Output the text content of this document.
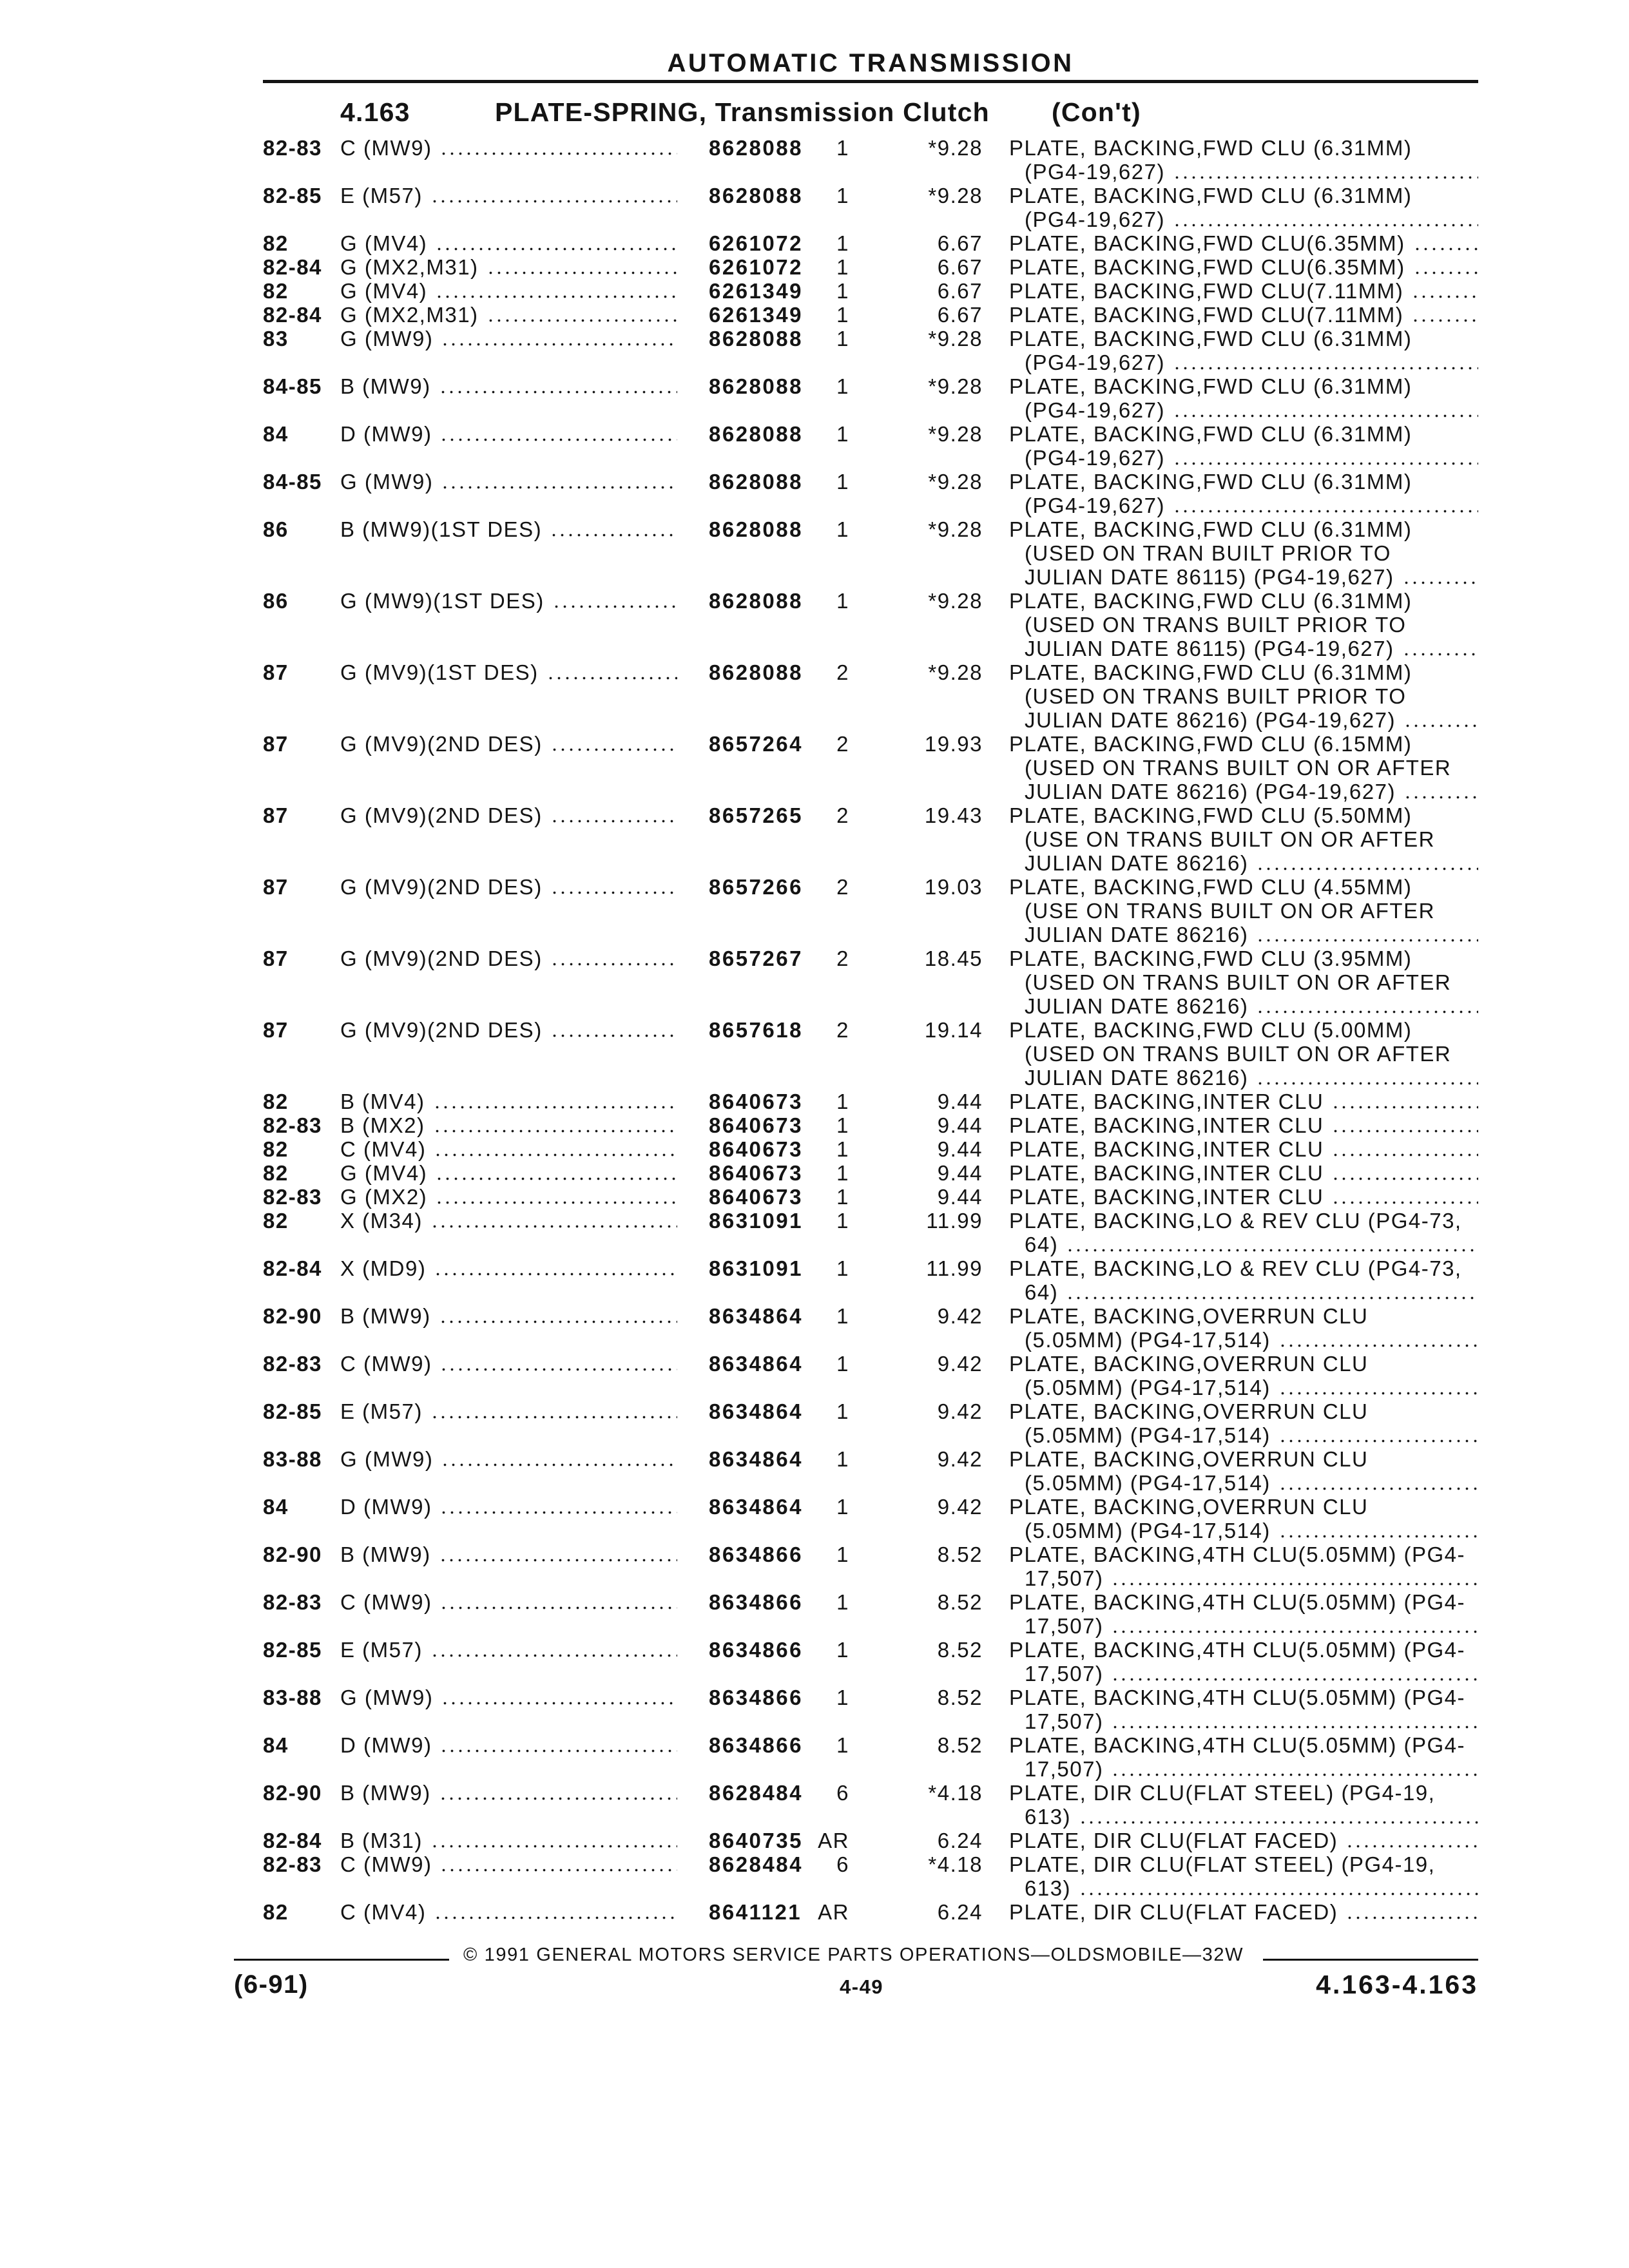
AUTOMATIC TRANSMISSION
4.163	PLATE-SPRING, Transmission Clutch (Con't)
82-83 C (MW9)	8628088	1	*9.28 PLATE, BACKING,FWD CLU (6.31MM)
(PG4-19,627)
82-85 E (M57)	8628088	1	*9.28 PLATE, BACKING,FWD CLU (6.31MM)
(PG4-19,627)
82	G (MV4)	6261072	1	6.67 PLATE, BACKING,FWD CLU(6.35MM)
82-84 G (MX2,M31)	6261072	1	6.67 PLATE, BACKING,FWD CLU(6.35MM)
82	G (MV4)	6261349	1	6.67 PLATE, BACKING,FWD CLU(7.11MM)
82-84 G (MX2,M31)	6261349	1	6.67 PLATE, BACKING,FWD CLU(7.11MM)
83	G (MW9)	8628088	1	*9.28 PLATE, BACKING,FWD CLU (6.31MM)
(PG4-19,627)
84-85 B (MW9)	8628088	1	*9.28 PLATE, BACKING,FWD CLU (6.31MM)
(PG4-19,627)
84	D (MW9)	8628088	1	*9.28 PLATE, BACKING,FWD CLU (6.31MM)
(PG4-19,627)
84-85 G (MW9)	8628088	1	*9.28 PLATE, BACKING,FWD CLU (6.31MM)
(PG4-19,627)
86	B (MW9)(1ST DES)	8628088	1	*9.28 PLATE, BACKING,FWD CLU (6.31MM)
(USED ON TRAN BUILT PRIOR TO
JULIAN DATE 86115) (PG4-19,627)
86	G (MW9)(1ST DES)	8628088	1	*9.28 PLATE, BACKING,FWD CLU (6.31MM)
(USED ON TRANS BUILT PRIOR TO
JULIAN DATE 86115) (PG4-19,627)
87	G (MV9)(1ST DES)	8628088	2	*9.28 PLATE, BACKING,FWD CLU (6.31MM)
(USED ON TRANS BUILT PRIOR TO
JULIAN DATE 86216) (PG4-19,627)
87	G (MV9)(2ND DES)	8657264	2	19.93 PLATE, BACKING,FWD CLU (6.15MM)
(USED ON TRANS BUILT ON OR AFTER
JULIAN DATE 86216) (PG4-19,627)
87	G (MV9)(2ND DES)	8657265	2	19.43 PLATE, BACKING,FWD CLU (5.50MM)
(USE ON TRANS BUILT ON OR AFTER
JULIAN DATE 86216)
87	G (MV9)(2ND DES)	8657266	2	19.03 PLATE, BACKING,FWD CLU (4.55MM)
(USE ON TRANS BUILT ON OR AFTER
JULIAN DATE 86216)
87	G (MV9)(2ND DES)	8657267	2	18.45 PLATE, BACKING,FWD CLU (3.95MM)
(USED ON TRANS BUILT ON OR AFTER
JULIAN DATE 86216)
87	G (MV9)(2ND DES)	8657618	2	19.14 PLATE, BACKING,FWD CLU (5.00MM)
(USED ON TRANS BUILT ON OR AFTER
JULIAN DATE 86216)
82	B (MV4)	8640673	1	9.44 PLATE, BACKING,INTER CLU
82-83 B (MX2)	8640673	1	9.44 PLATE, BACKING,INTER CLU
82	C (MV4)	8640673	1	9.44 PLATE, BACKING,INTER CLU
82	G (MV4)	8640673	1	9.44 PLATE, BACKING,INTER CLU
82-83 G (MX2)	8640673	1	9.44 PLATE, BACKING,INTER CLU
82	X (M34)	8631091	1	11.99 PLATE, BACKING,LO & REV CLU (PG4-73,
64)
82-84 X (MD9)	8631091	1	11.99 PLATE, BACKING,LO & REV CLU (PG4-73,
64)
82-90 B (MW9)	8634864	1	9.42 PLATE, BACKING,OVERRUN CLU
(5.05MM) (PG4-17,514)
82-83 C (MW9)	8634864	1	9.42 PLATE, BACKING,OVERRUN CLU
(5.05MM) (PG4-17,514)
82-85 E (M57)	8634864	1	9.42 PLATE, BACKING,OVERRUN CLU
(5.05MM) (PG4-17,514)
83-88 G (MW9)	8634864	1	9.42 PLATE, BACKING,OVERRUN CLU
(5.05MM) (PG4-17,514)
84	D (MW9)	8634864	1	9.42 PLATE, BACKING,OVERRUN CLU
(5.05MM) (PG4-17,514)
82-90 B (MW9)	8634866	1	8.52 PLATE, BACKING,4TH CLU(5.05MM) (PG4-
17,507)
82-83 C (MW9)	8634866	1	8.52 PLATE, BACKING,4TH CLU(5.05MM) (PG4-
17,507)
82-85 E (M57)	8634866	1	8.52 PLATE, BACKING,4TH CLU(5.05MM) (PG4-
17,507)
83-88 G (MW9)	8634866	1	8.52 PLATE, BACKING,4TH CLU(5.05MM) (PG4-
17,507)
84	D (MW9)	8634866	1	8.52 PLATE, BACKING,4TH CLU(5.05MM) (PG4-
17,507)
82-90 B (MW9)	8628484	6	*4.18 PLATE, DIR CLU(FLAT STEEL) (PG4-19,
613)
82-84 B (M31)	8640735 AR	6.24 PLATE, DIR CLU(FLAT FACED)
82-83 C (MW9)	8628484	6	*4.18 PLATE, DIR CLU(FLAT STEEL) (PG4-19,
613)
82	C (MV4)	8641121 AR	6.24 PLATE, DIR CLU(FLAT FACED)
© 1991 GENERAL MOTORS SERVICE PARTS OPERATIONS—OLDSMOBILE—32W
(6-91)	4-49	4.163-4.163
